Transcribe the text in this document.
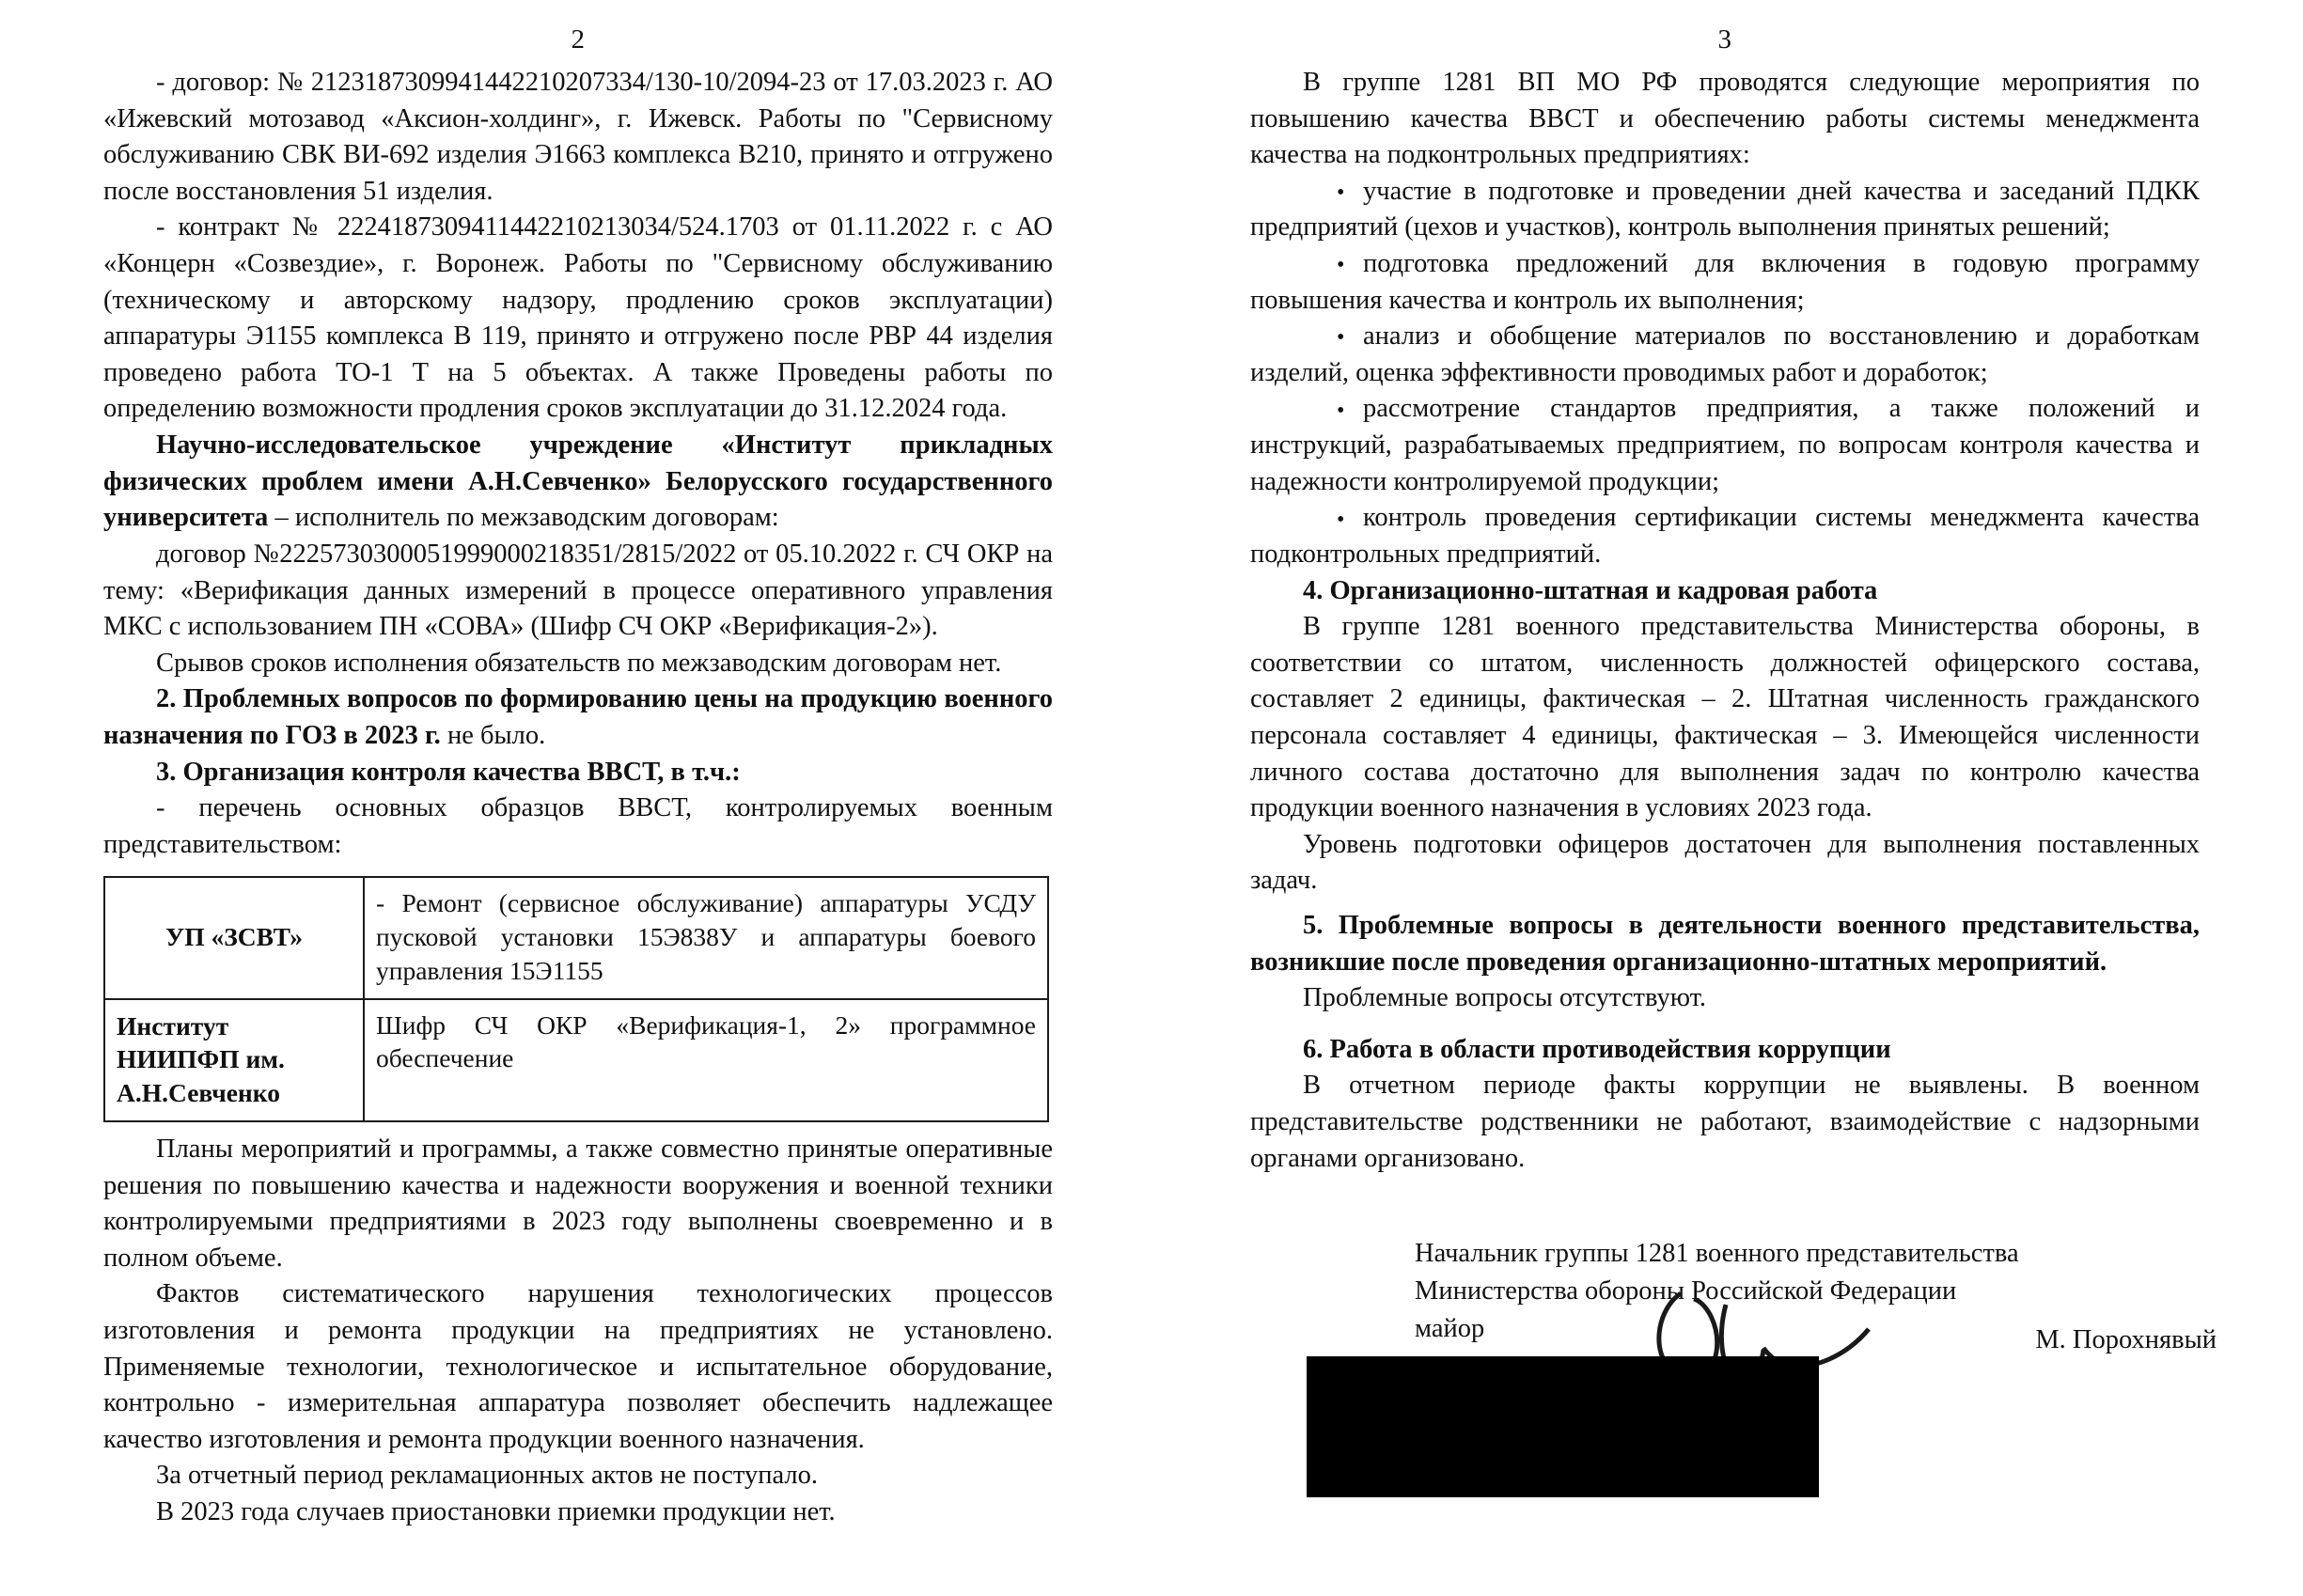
2

- договор: № 2123187309941442210207334/130-10/2094-23 от 17.03.2023 г. АО «Ижевский мотозавод «Аксион-холдинг», г. Ижевск. Работы по "Сервисному обслуживанию СВК ВИ-692 изделия Э1663 комплекса В210, принято и отгружено после восстановления 51 изделия.

- контракт № 2224187309411442210213034/524.1703 от 01.11.2022 г. с АО «Концерн «Созвездие», г. Воронеж. Работы по "Сервисному обслуживанию (техническому и авторскому надзору, продлению сроков эксплуатации) аппаратуры Э1155 комплекса В 119, принято и отгружено после РВР 44 изделия проведено работа ТО-1 Т на 5 объектах. А также Проведены работы по определению возможности продления сроков эксплуатации до 31.12.2024 года.

Научно-исследовательское учреждение «Институт прикладных физических проблем имени А.Н.Севченко» Белорусского государственного университета – исполнитель по межзаводским договорам:

договор №2225730300051999000218351/2815/2022 от 05.10.2022 г. СЧ ОКР на тему: «Верификация данных измерений в процессе оперативного управления МКС с использованием ПН «СОВА» (Шифр СЧ ОКР «Верификация-2»).

Срывов сроков исполнения обязательств по межзаводским договорам нет.

2. Проблемных вопросов по формированию цены на продукцию военного назначения по ГОЗ в 2023 г. не было.

3. Организация контроля качества ВВСТ, в т.ч.:

- перечень основных образцов ВВСТ, контролируемых военным представительством:

УП «ЗСВТ»	- Ремонт (сервисное обслуживание) аппаратуры УСДУ пусковой установки 15Э838У и аппаратуры боевого управления 15Э1155
Институт НИИПФП им. А.Н.Севченко	Шифр СЧ ОКР «Верификация-1, 2» программное обеспечение

Планы мероприятий и программы, а также совместно принятые оперативные решения по повышению качества и надежности вооружения и военной техники контролируемыми предприятиями в 2023 году выполнены своевременно и в полном объеме.

Фактов систематического нарушения технологических процессов изготовления и ремонта продукции на предприятиях не установлено. Применяемые технологии, технологическое и испытательное оборудование, контрольно - измерительная аппаратура позволяет обеспечить надлежащее качество изготовления и ремонта продукции военного назначения.

За отчетный период рекламационных актов не поступало.

В 2023 года случаев приостановки приемки продукции нет.

3

В группе 1281 ВП МО РФ проводятся следующие мероприятия по повышению качества ВВСТ и обеспечению работы системы менеджмента качества на подконтрольных предприятиях:

•участие в подготовке и проведении дней качества и заседаний ПДКК предприятий (цехов и участков), контроль выполнения принятых решений;
•подготовка предложений для включения в годовую программу повышения качества и контроль их выполнения;
•анализ и обобщение материалов по восстановлению и доработкам изделий, оценка эффективности проводимых работ и доработок;
•рассмотрение стандартов предприятия, а также положений и инструкций, разрабатываемых предприятием, по вопросам контроля качества и надежности контролируемой продукции;
•контроль проведения сертификации системы менеджмента качества подконтрольных предприятий.

4. Организационно-штатная и кадровая работа

В группе 1281 военного представительства Министерства обороны, в соответствии со штатом, численность должностей офицерского состава, составляет 2 единицы, фактическая – 2. Штатная численность гражданского персонала составляет 4 единицы, фактическая – 3. Имеющейся численности личного состава достаточно для выполнения задач по контролю качества продукции военного назначения в условиях 2023 года.

Уровень подготовки офицеров достаточен для выполнения поставленных задач.

5. Проблемные вопросы в деятельности военного представительства, возникшие после проведения организационно-штатных мероприятий.

Проблемные вопросы отсутствуют.

6. Работа в области противодействия коррупции

В отчетном периоде факты коррупции не выявлены. В военном представительстве родственники не работают, взаимодействие с надзорными органами организовано.

Начальник группы 1281 военного представительства
Министерства обороны Российской Федерации
майор	М. Порохнявый
